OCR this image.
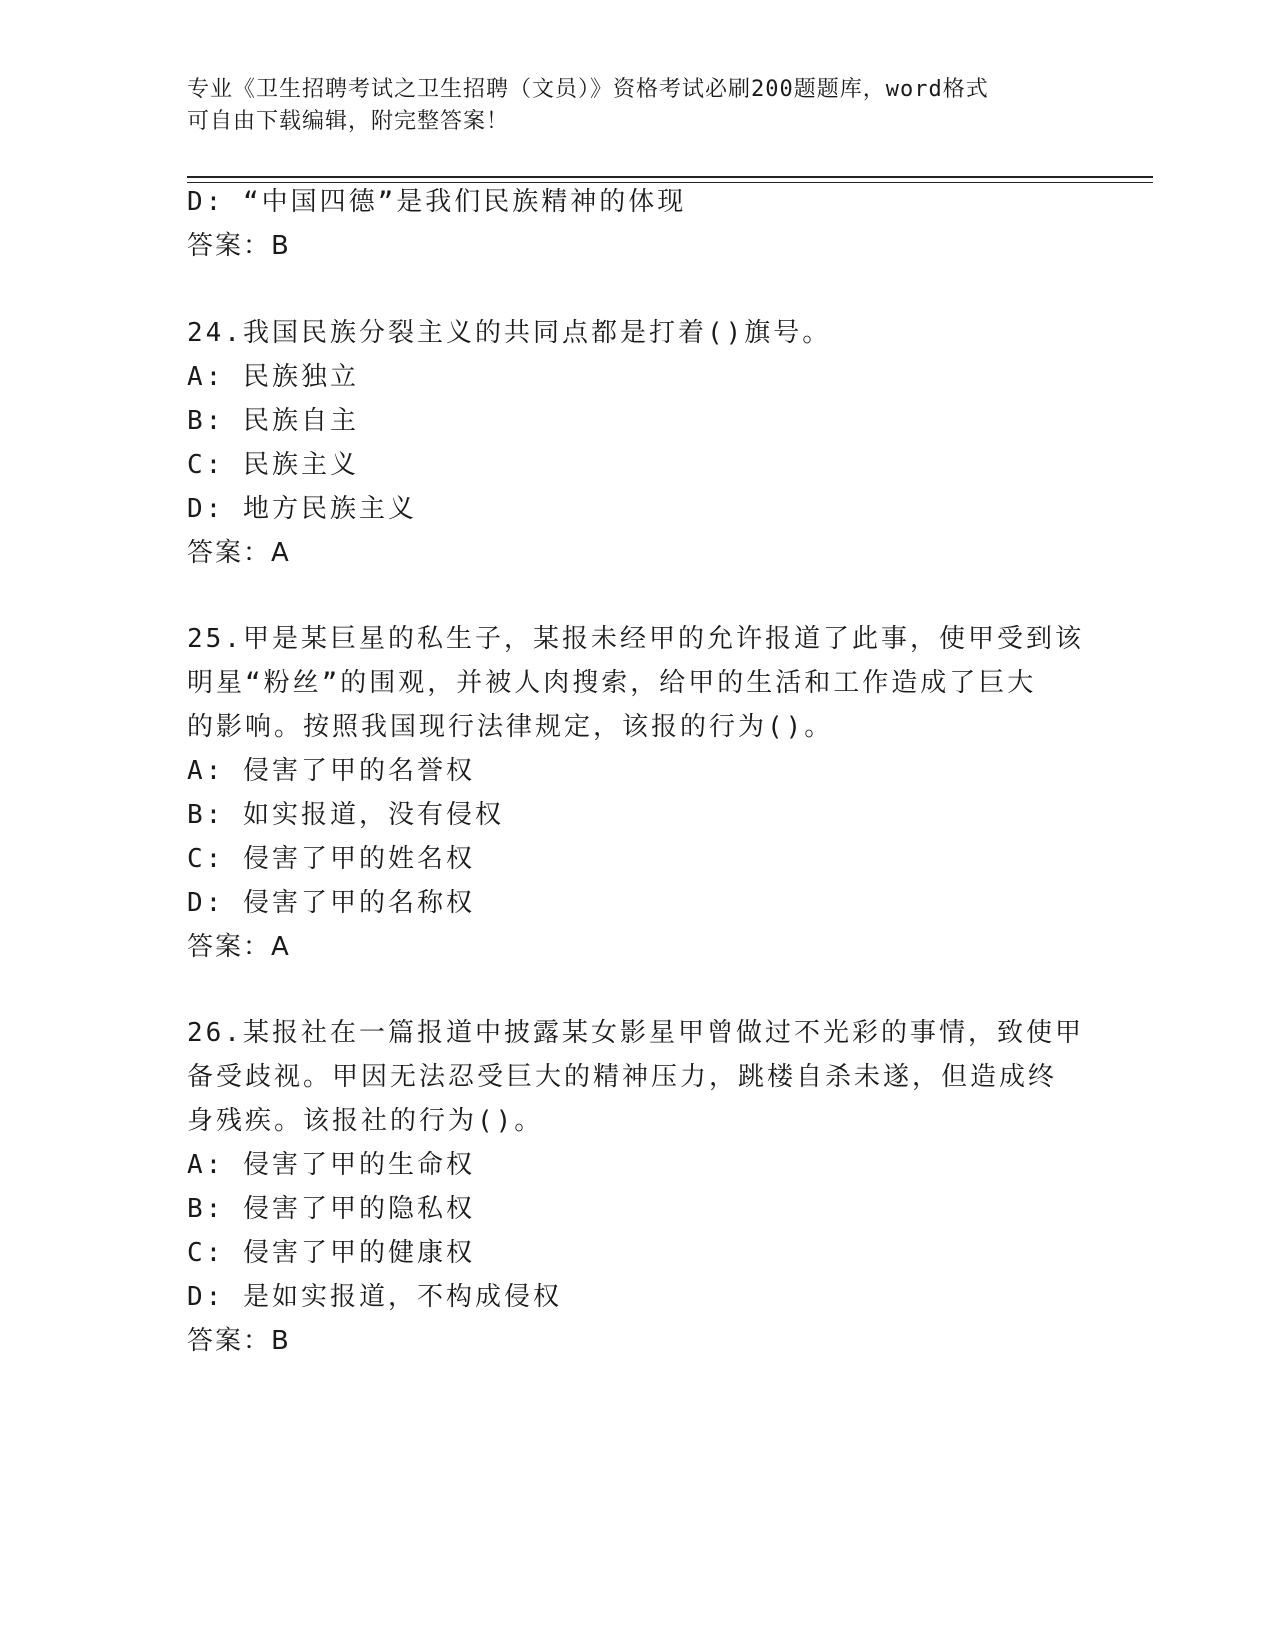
专业《卫生招聘考试之卫生招聘（文员）》资格考试必刷200题题库，word格式
可自由下载编辑，附完整答案！
D: “中国四德”是我们民族精神的体现
答案：B
24.我国民族分裂主义的共同点都是打着()旗号。
A: 民族独立
B: 民族自主
C: 民族主义
D: 地方民族主义
答案：A
25.甲是某巨星的私生子，某报未经甲的允许报道了此事，使甲受到该
明星“粉丝”的围观，并被人肉搜索，给甲的生活和工作造成了巨大
的影响。按照我国现行法律规定，该报的行为()。
A: 侵害了甲的名誉权
B: 如实报道，没有侵权
C: 侵害了甲的姓名权
D: 侵害了甲的名称权
答案：A
26.某报社在一篇报道中披露某女影星甲曾做过不光彩的事情，致使甲
备受歧视。甲因无法忍受巨大的精神压力，跳楼自杀未遂，但造成终
身残疾。该报社的行为()。
A: 侵害了甲的生命权
B: 侵害了甲的隐私权
C: 侵害了甲的健康权
D: 是如实报道，不构成侵权
答案：B
